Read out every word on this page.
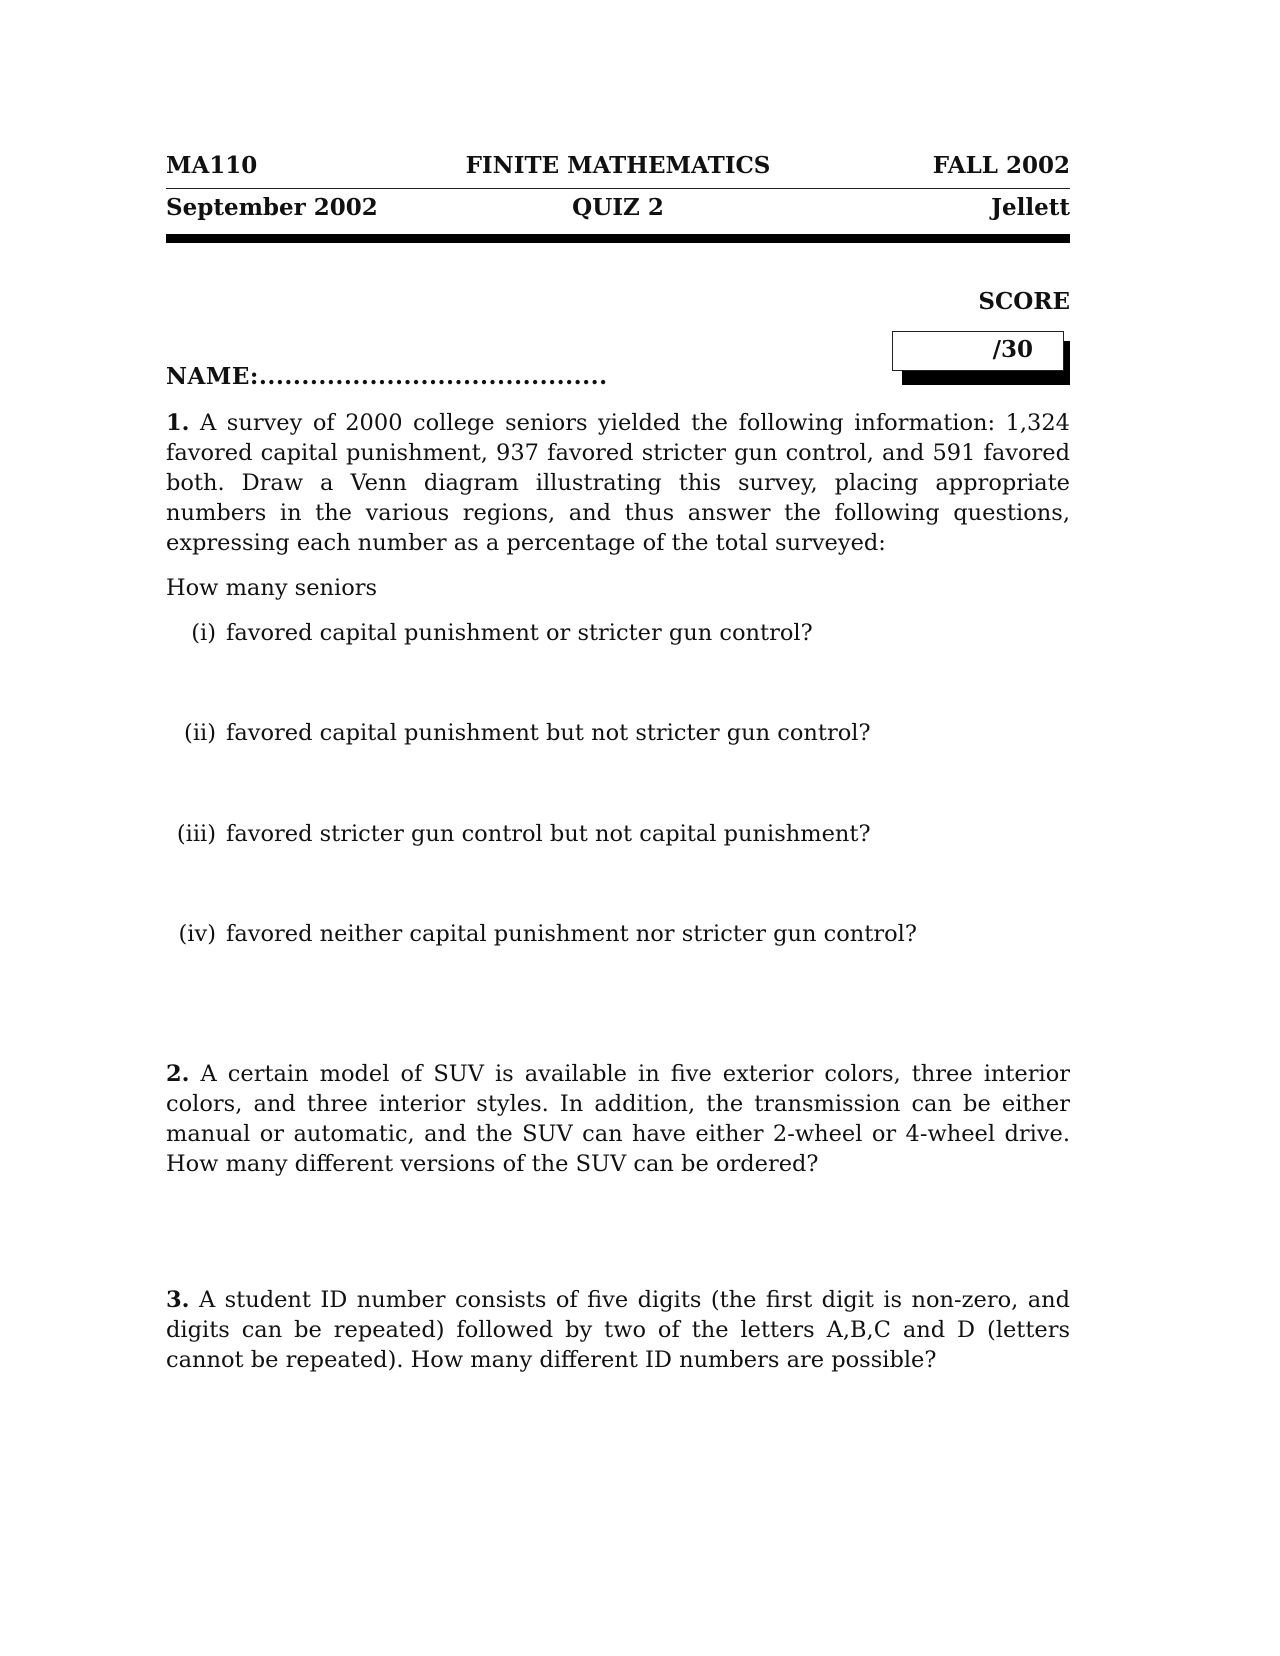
MA110	FINITE MATHEMATICS	FALL 2002
September 2002	QUIZ 2	Jellett
SCORE
/30
NAME:.........................................
1. A survey of 2000 college seniors yielded the following information: 1,324 favored capital punishment, 937 favored stricter gun control, and 591 favored both. Draw a Venn diagram illustrating this survey, placing appropriate numbers in the various regions, and thus answer the following questions, expressing each number as a percentage of the total surveyed:
How many seniors
(i) favored capital punishment or stricter gun control?
(ii) favored capital punishment but not stricter gun control?
(iii) favored stricter gun control but not capital punishment?
(iv) favored neither capital punishment nor stricter gun control?
2. A certain model of SUV is available in five exterior colors, three interior colors, and three interior styles. In addition, the transmission can be either manual or automatic, and the SUV can have either 2-wheel or 4-wheel drive. How many different versions of the SUV can be ordered?
3. A student ID number consists of five digits (the first digit is non-zero, and digits can be repeated) followed by two of the letters A,B,C and D (letters cannot be repeated). How many different ID numbers are possible?
